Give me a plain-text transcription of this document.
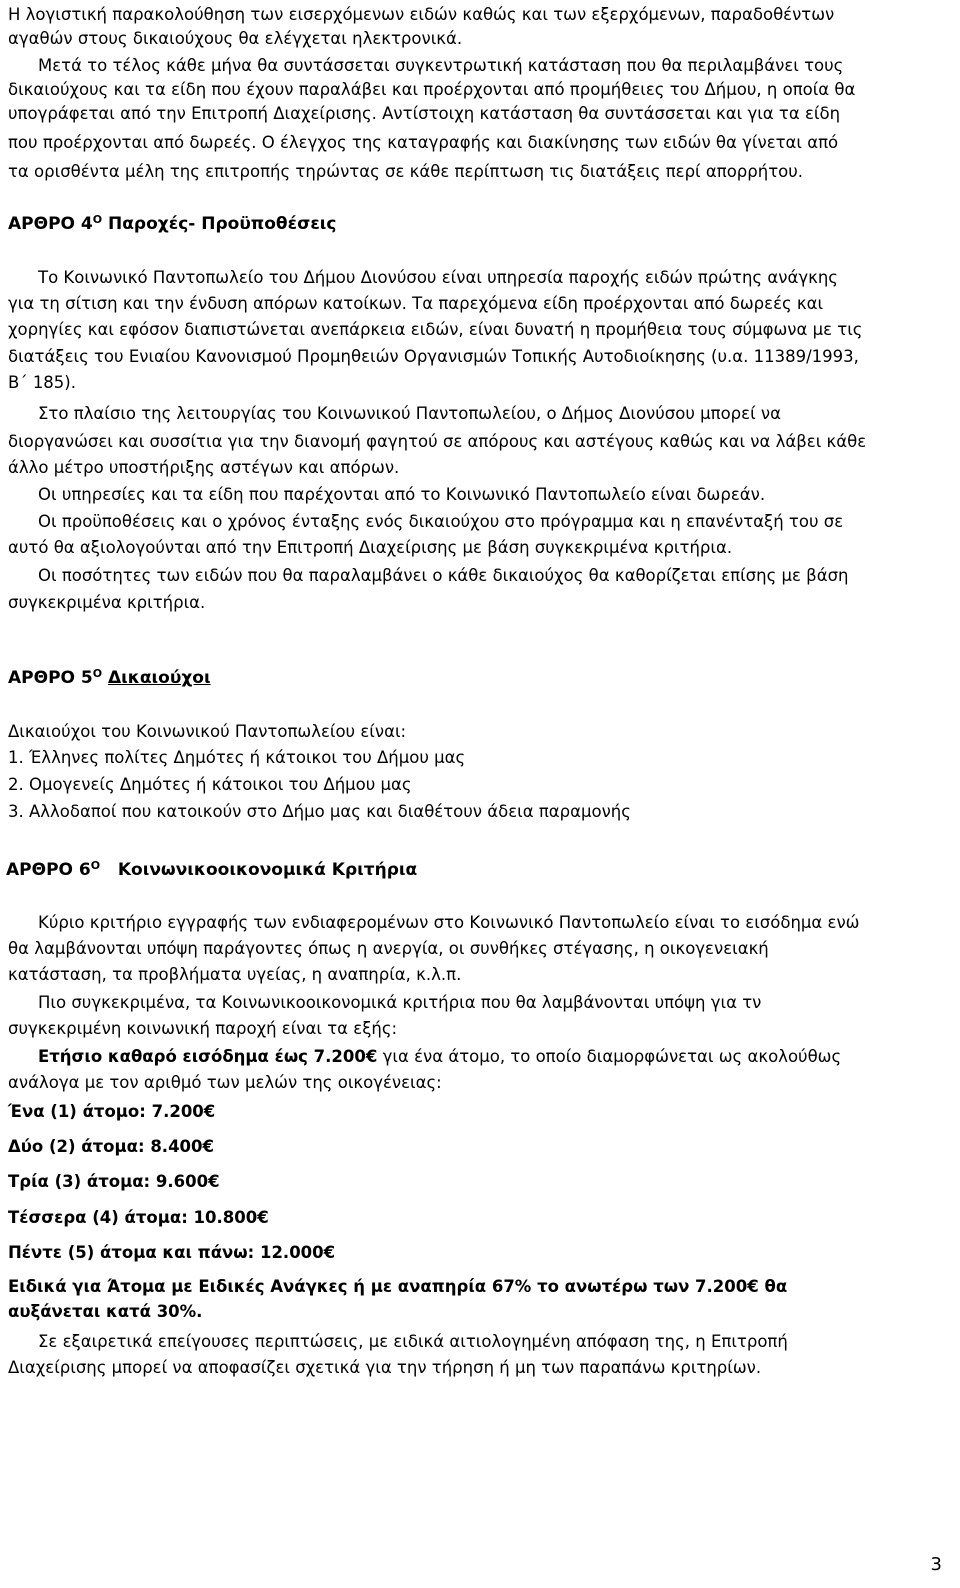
Η λογιστική παρακολούθηση των εισερχόμενων ειδών καθώς και των εξερχόμενων, παραδοθέντων
αγαθών στους δικαιούχους θα ελέγχεται ηλεκτρονικά.
Μετά το τέλος κάθε μήνα θα συντάσσεται συγκεντρωτική κατάσταση που θα περιλαμβάνει τους
δικαιούχους και τα είδη που έχουν παραλάβει και προέρχονται από προμήθειες του Δήμου, η οποία θα
υπογράφεται από την Επιτροπή Διαχείρισης. Αντίστοιχη κατάσταση θα συντάσσεται και για τα είδη
που προέρχονται από δωρεές. Ο έλεγχος της καταγραφής και διακίνησης των ειδών θα γίνεται από
τα ορισθέντα μέλη της επιτροπής τηρώντας σε κάθε περίπτωση τις διατάξεις περί απορρήτου.
ΑΡΘΡΟ $4^O$ Παροχές- Προϋποθέσεις
Το Κοινωνικό Παντοπωλείο του Δήμου Διονύσου είναι υπηρεσία παροχής ειδών πρώτης ανάγκης
για τη σίτιση και την ένδυση απόρων κατοίκων. Τα παρεχόμενα είδη προέρχονται από δωρεές και
χορηγίες και εφόσον διαπιστώνεται ανεπάρκεια ειδών, είναι δυνατή η προμήθεια τους σύμφωνα με τις
διατάξεις του Ενιαίου Κανονισμού Προμηθειών Οργανισμών Τοπικής Αυτοδιοίκησης (υ.α. 11389/1993,
Β΄ 185).
Στο πλαίσιο της λειτουργίας του Κοινωνικού Παντοπωλείου, ο Δήμος Διονύσου μπορεί να
διοργανώσει και συσσίτια για την διανομή φαγητού σε απόρους και αστέγους καθώς και να λάβει κάθε
άλλο μέτρο υποστήριξης αστέγων και απόρων.
Οι υπηρεσίες και τα είδη που παρέχονται από το Κοινωνικό Παντοπωλείο είναι δωρεάν.
Οι προϋποθέσεις και ο χρόνος ένταξης ενός δικαιούχου στο πρόγραμμα και η επανένταξή του σε
αυτό θα αξιολογούνται από την Επιτροπή Διαχείρισης με βάση συγκεκριμένα κριτήρια.
Οι ποσότητες των ειδών που θα παραλαμβάνει ο κάθε δικαιούχος θα καθορίζεται επίσης με βάση
συγκεκριμένα κριτήρια.
ΑΡΘΡΟ $5^O$ Δικαιούχοι
Δικαιούχοι του Κοινωνικού Παντοπωλείου είναι:
1. Έλληνες πολίτες Δημότες ή κάτοικοι του Δήμου μας
2. Ομογενείς Δημότες ή κάτοικοι του Δήμου μας
3. Αλλοδαποί που κατοικούν στο Δήμο μας και διαθέτουν άδεια παραμονής
ΑΡΘΡΟ $6^O$ Κοινωνικοοικονομικά Κριτήρια
Κύριο κριτήριο εγγραφής των ενδιαφερομένων στο Κοινωνικό Παντοπωλείο είναι το εισόδημα ενώ
θα λαμβάνονται υπόψη παράγοντες όπως η ανεργία, οι συνθήκες στέγασης, η οικογενειακή
κατάσταση, τα προβλήματα υγείας, η αναπηρία, κ.λ.π.
Πιο συγκεκριμένα, τα Κοινωνικοοικονομικά κριτήρια που θα λαμβάνονται υπόψη για τν
συγκεκριμένη κοινωνική παροχή είναι τα εξής:
Ετήσιο καθαρό εισόδημα έως 7.200€ για ένα άτομο, το οποίο διαμορφώνεται ως ακολούθως
ανάλογα με τον αριθμό των μελών της οικογένειας:
Ένα (1) άτομο: 7.200€
Δύο (2) άτομα: 8.400€
Τρία (3) άτομα: 9.600€
Τέσσερα (4) άτομα: 10.800€
Πέντε (5) άτομα και πάνω: 12.000€
Ειδικά για Άτομα με Ειδικές Ανάγκες ή με αναπηρία 67% το ανωτέρω των 7.200€ θα
αυξάνεται κατά 30%.
Σε εξαιρετικά επείγουσες περιπτώσεις, με ειδικά αιτιολογημένη απόφαση της, η Επιτροπή
Διαχείρισης μπορεί να αποφασίζει σχετικά για την τήρηση ή μη των παραπάνω κριτηρίων.
3
